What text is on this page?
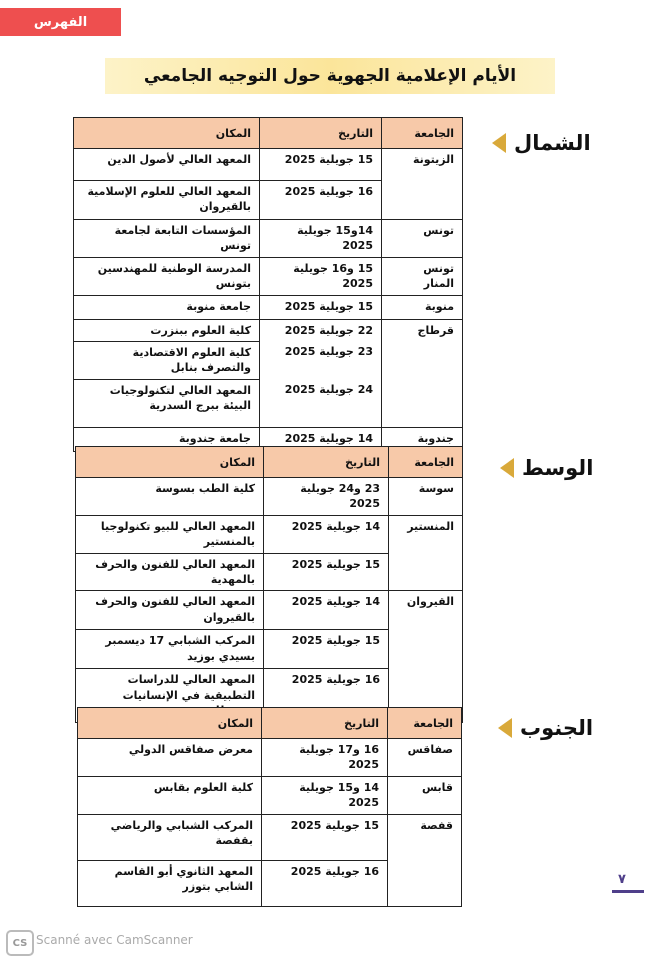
الفهرس
الأيام الإعلامية الجهوية حول التوجيه الجامعي
الشمال
الوسط
الجنوب
الجامعة	التاريخ	المكان
الزيتونة	15 جويلية 2025	المعهد العالي لأصول الدين
	16 جويلية 2025	المعهد العالي للعلوم الإسلامية بالقيروان
تونس	14و15 جويلية 2025	المؤسسات التابعة لجامعة تونس
تونس المنار	15 و16 جويلية 2025	المدرسة الوطنية للمهندسين بتونس
منوبة	15 جويلية 2025	جامعة منوبة
قرطاج	22 جويلية 2025	كلية العلوم ببنزرت
	23 جويلية 2025	كلية العلوم الاقتصادية والتصرف بنابل
	24 جويلية 2025	المعهد العالي لتكنولوجيات البيئة ببرج السدرية
جندوبة	14 جويلية 2025	جامعة جندوبة
الجامعة	التاريخ	المكان
سوسة	23 و24 جويلية 2025	كلية الطب بسوسة
المنستير	14 جويلية 2025	المعهد العالي للبيو تكنولوجيا بالمنستير
	15 جويلية 2025	المعهد العالي للفنون والحرف بالمهدية
القيروان	14 جويلية 2025	المعهد العالي للفنون والحرف بالقيروان
	15 جويلية 2025	المركب الشبابي 17 ديسمبر بسيدي بوزيد
	16 جويلية 2025	المعهد العالي للدراسات التطبيقية في الإنسانيات
الجامعة	التاريخ	المكان
صفاقس	16 و17 جويلية 2025	معرض صفاقس الدولي
قابس	14 و15 جويلية 2025	كلية العلوم بقابس
قفصة	15 جويلية 2025	المركب الشبابي والرياضي بقفصة
	16 جويلية 2025	المعهد الثانوي أبو القاسم الشابي بتوزر	٧
CS Scanné avec CamScanner
